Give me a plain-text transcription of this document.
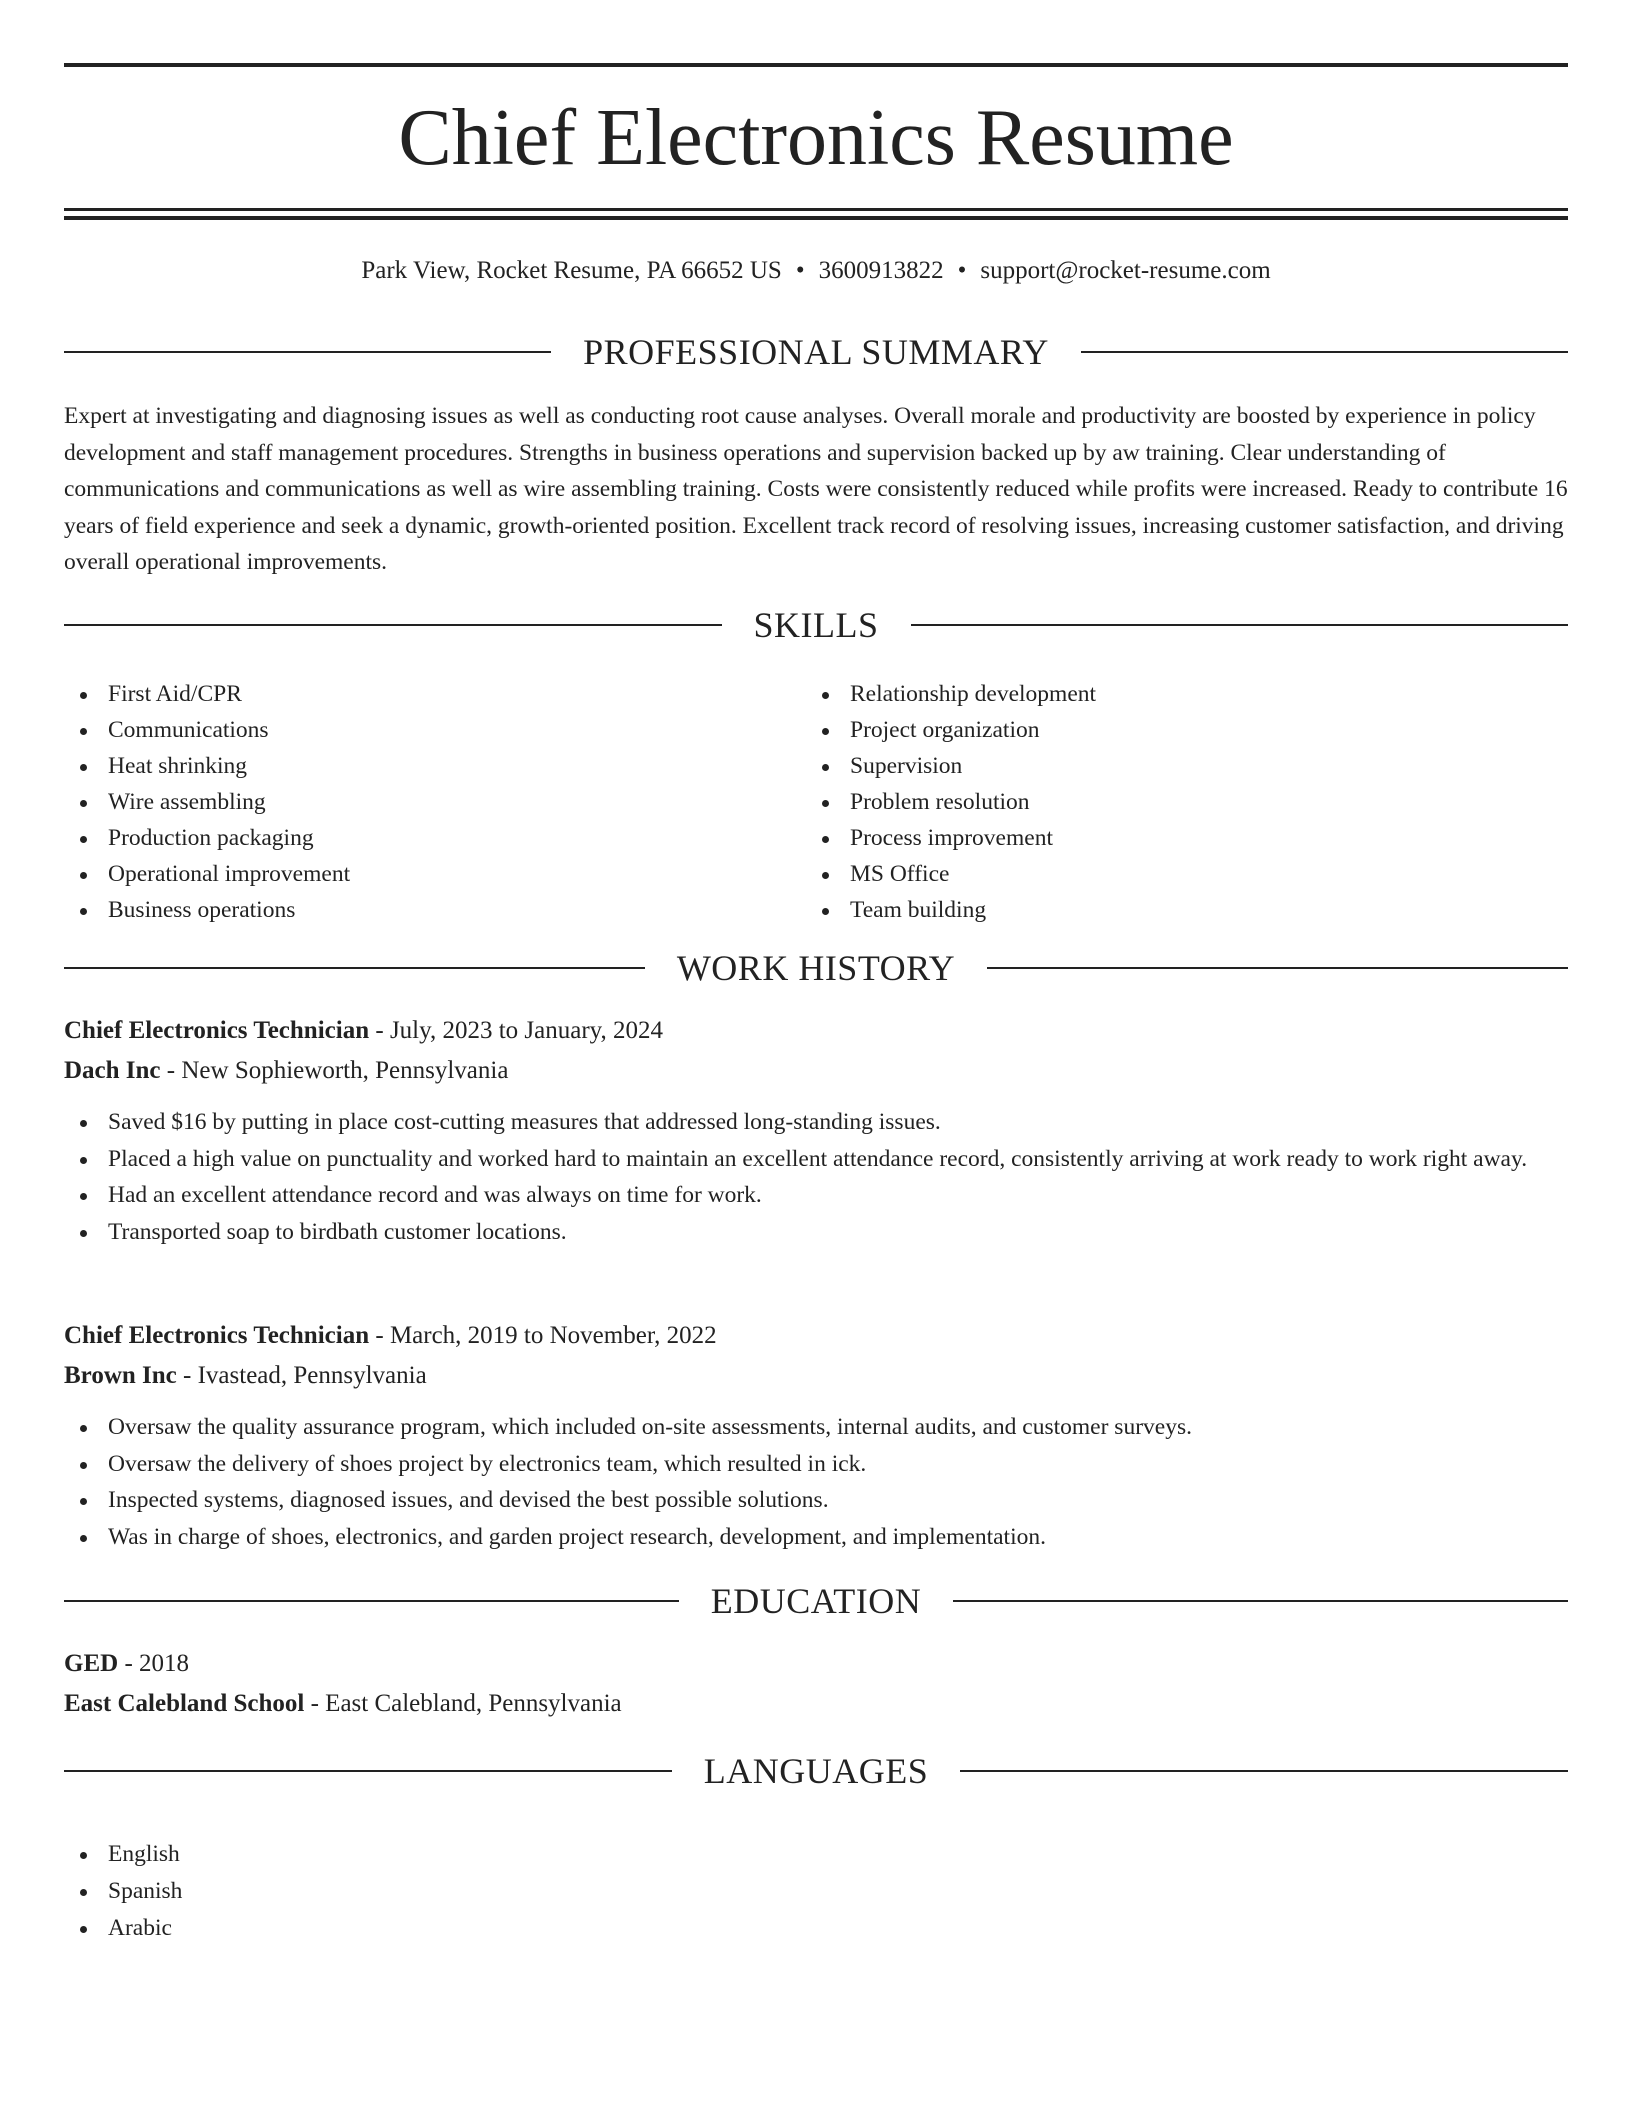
Chief Electronics Resume
Park View, Rocket Resume, PA 66652 US • 3600913822 • support@rocket-resume.com
PROFESSIONAL SUMMARY

Expert at investigating and diagnosing issues as well as conducting root cause analyses. Overall morale and productivity are boosted by experience in policy development and staff management procedures. Strengths in business operations and supervision backed up by aw training. Clear understanding of communications and communications as well as wire assembling training. Costs were consistently reduced while profits were increased. Ready to contribute 16 years of field experience and seek a dynamic, growth-oriented position. Excellent track record of resolving issues, increasing customer satisfaction, and driving overall operational improvements.

SKILLS
First Aid/CPR
Communications
Heat shrinking
Wire assembling
Production packaging
Operational improvement
Business operations
Relationship development
Project organization
Supervision
Problem resolution
Process improvement
MS Office
Team building
WORK HISTORY
Chief Electronics Technician - July, 2023 to January, 2024
Dach Inc - New Sophieworth, Pennsylvania
Saved $16 by putting in place cost-cutting measures that addressed long-standing issues.
Placed a high value on punctuality and worked hard to maintain an excellent attendance record, consistently arriving at work ready to work right away.
Had an excellent attendance record and was always on time for work.
Transported soap to birdbath customer locations.
Chief Electronics Technician - March, 2019 to November, 2022
Brown Inc - Ivastead, Pennsylvania
Oversaw the quality assurance program, which included on-site assessments, internal audits, and customer surveys.
Oversaw the delivery of shoes project by electronics team, which resulted in ick.
Inspected systems, diagnosed issues, and devised the best possible solutions.
Was in charge of shoes, electronics, and garden project research, development, and implementation.
EDUCATION
GED - 2018
East Calebland School - East Calebland, Pennsylvania
LANGUAGES
English
Spanish
Arabic
